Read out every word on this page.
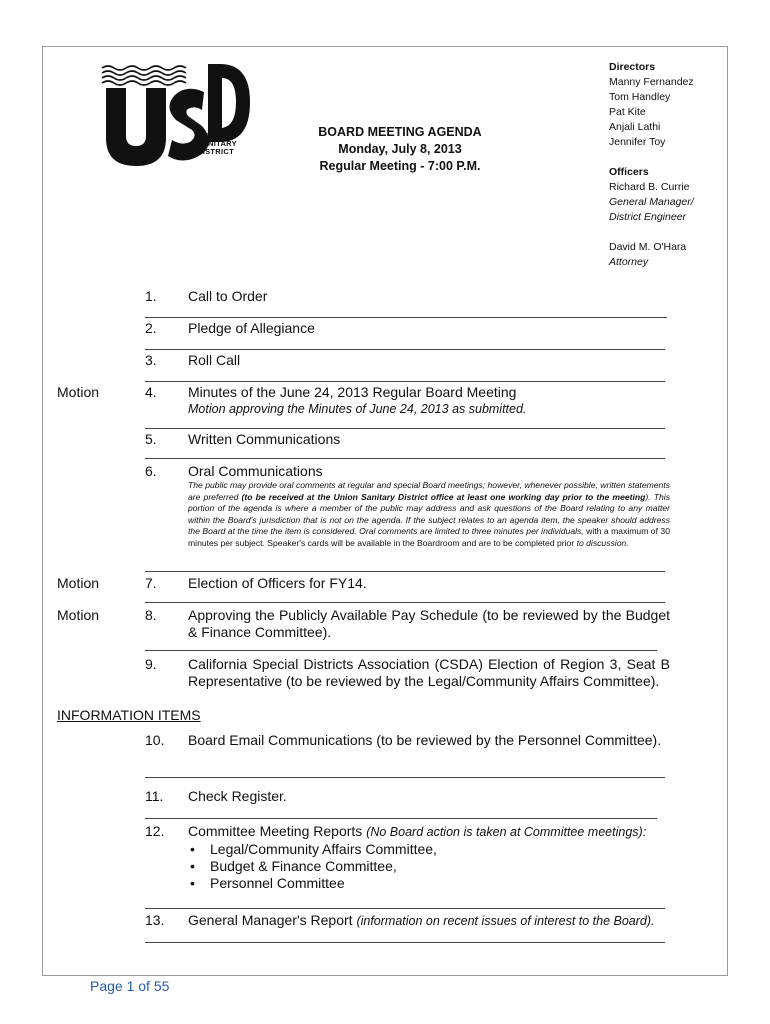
UNION
SANITARY
DISTRICT
BOARD MEETING AGENDA
Monday, July 8, 2013
Regular Meeting - 7:00 P.M.
Directors
Manny Fernandez
Tom Handley
Pat Kite
Anjali Lathi
Jennifer Toy
Officers
Richard B. Currie
General Manager/
District Engineer
David M. O'Hara
Attorney
1. Call to Order
2. Pledge of Allegiance
3. Roll Call
Motion	4. Minutes of the June 24, 2013 Regular Board Meeting
Motion approving the Minutes of June 24, 2013 as submitted.
5. Written Communications
6. Oral Communications
The public may provide oral comments at regular and special Board meetings; however, whenever possible, written statements are preferred (to be received at the Union Sanitary District office at least one working day prior to the meeting). This portion of the agenda is where a member of the public may address and ask questions of the Board relating to any matter within the Board's jurisdiction that is not on the agenda. If the subject relates to an agenda item, the speaker should address the Board at the time the item is considered. Oral comments are limited to three minutes per individuals, with a maximum of 30 minutes per subject. Speaker's cards will be available in the Boardroom and are to be completed prior to discussion.
Motion	7. Election of Officers for FY14.
Motion	8. Approving the Publicly Available Pay Schedule (to be reviewed by the Budget & Finance Committee).
9. California Special Districts Association (CSDA) Election of Region 3, Seat B Representative (to be reviewed by the Legal/Community Affairs Committee).
INFORMATION ITEMS
10. Board Email Communications (to be reviewed by the Personnel Committee).
11. Check Register.
12. Committee Meeting Reports (No Board action is taken at Committee meetings):
• Legal/Community Affairs Committee,
• Budget & Finance Committee,
• Personnel Committee
13. General Manager's Report (information on recent issues of interest to the Board).
Page 1 of 55
